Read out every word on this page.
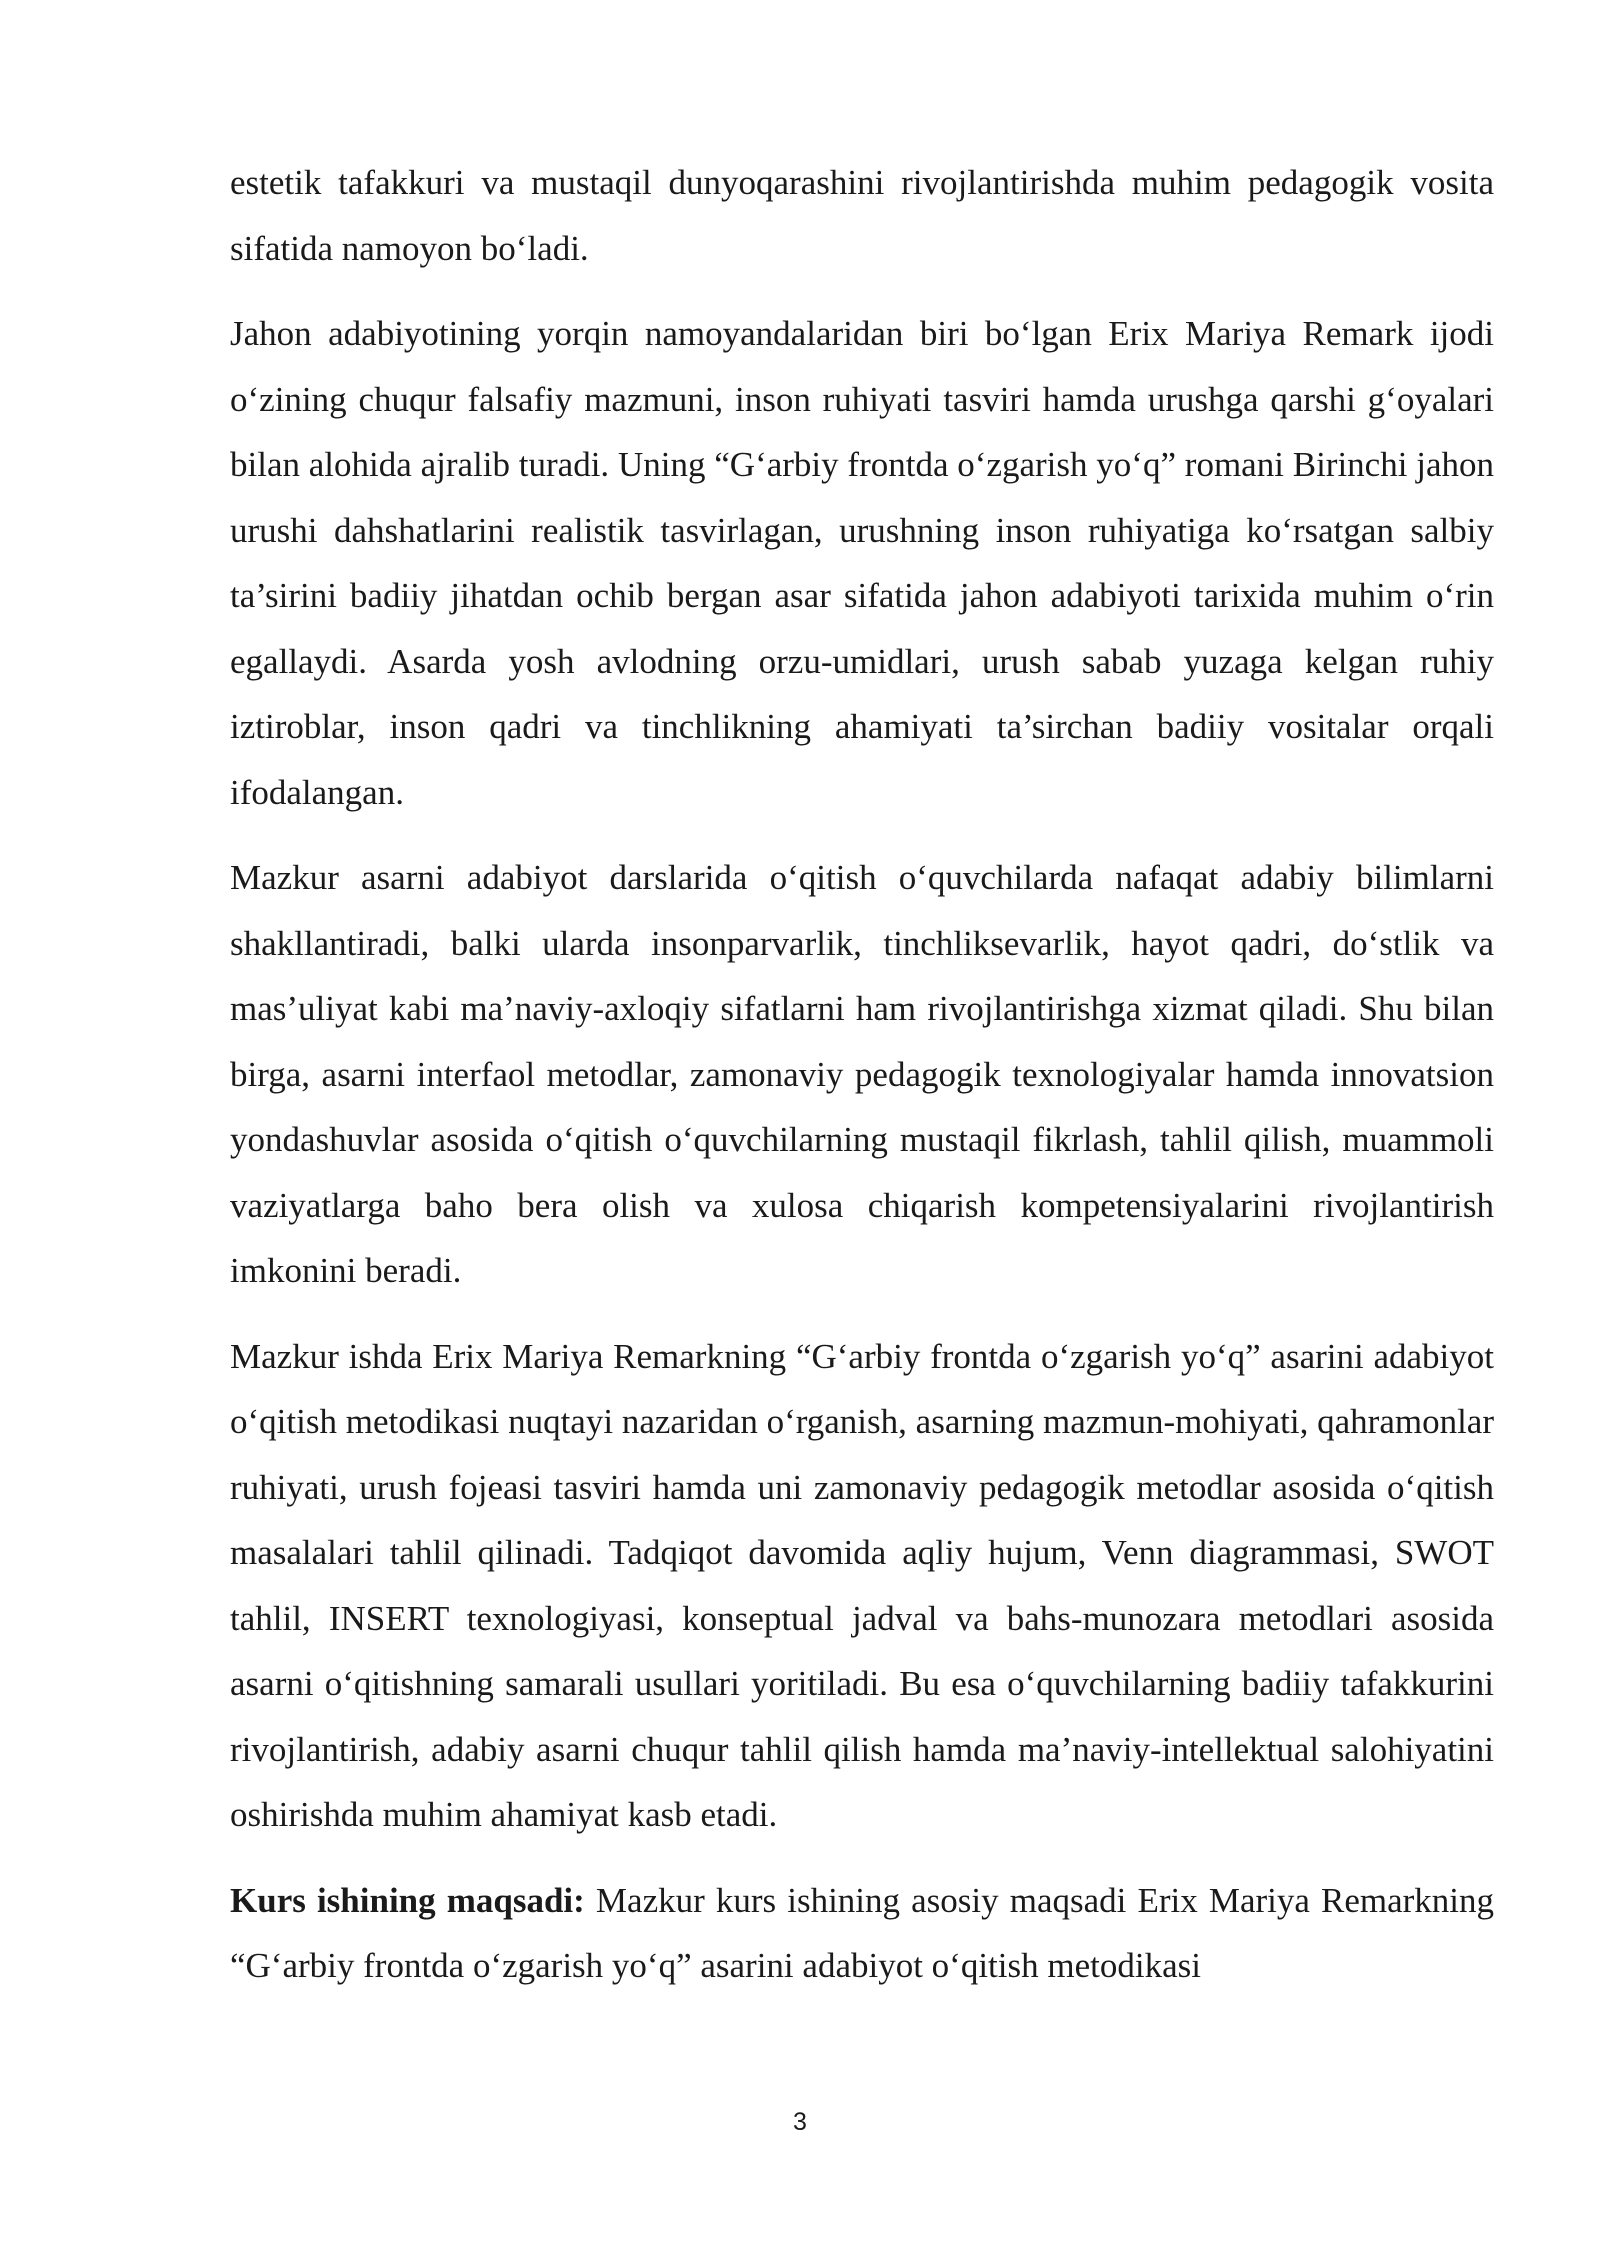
estetik tafakkuri va mustaqil dunyoqarashini rivojlantirishda muhim pedagogik vosita sifatida namoyon bo‘ladi.

Jahon adabiyotining yorqin namoyandalaridan biri bo‘lgan Erix Mariya Remark ijodi o‘zining chuqur falsafiy mazmuni, inson ruhiyati tasviri hamda urushga qarshi g‘oyalari bilan alohida ajralib turadi. Uning “G‘arbiy frontda o‘zgarish yo‘q” romani Birinchi jahon urushi dahshatlarini realistik tasvirlagan, urushning inson ruhiyatiga ko‘rsatgan salbiy ta’sirini badiiy jihatdan ochib bergan asar sifatida jahon adabiyoti tarixida muhim o‘rin egallaydi. Asarda yosh avlodning orzu-umidlari, urush sabab yuzaga kelgan ruhiy iztiroblar, inson qadri va tinchlikning ahamiyati ta’sirchan badiiy vositalar orqali ifodalangan.

Mazkur asarni adabiyot darslarida o‘qitish o‘quvchilarda nafaqat adabiy bilimlarni shakllantiradi, balki ularda insonparvarlik, tinchliksevarlik, hayot qadri, do‘stlik va mas’uliyat kabi ma’naviy-axloqiy sifatlarni ham rivojlantirishga xizmat qiladi. Shu bilan birga, asarni interfaol metodlar, zamonaviy pedagogik texnologiyalar hamda innovatsion yondashuvlar asosida o‘qitish o‘quvchilarning mustaqil fikrlash, tahlil qilish, muammoli vaziyatlarga baho bera olish va xulosa chiqarish kompetensiyalarini rivojlantirish imkonini beradi.

Mazkur ishda Erix Mariya Remarkning “G‘arbiy frontda o‘zgarish yo‘q” asarini adabiyot o‘qitish metodikasi nuqtayi nazaridan o‘rganish, asarning mazmun-mohiyati, qahramonlar ruhiyati, urush fojeasi tasviri hamda uni zamonaviy pedagogik metodlar asosida o‘qitish masalalari tahlil qilinadi. Tadqiqot davomida aqliy hujum, Venn diagrammasi, SWOT tahlil, INSERT texnologiyasi, konseptual jadval va bahs-munozara metodlari asosida asarni o‘qitishning samarali usullari yoritiladi. Bu esa o‘quvchilarning badiiy tafakkurini rivojlantirish, adabiy asarni chuqur tahlil qilish hamda ma’naviy-intellektual salohiyatini oshirishda muhim ahamiyat kasb etadi.

Kurs ishining maqsadi: Mazkur kurs ishining asosiy maqsadi Erix Mariya Remarkning “G‘arbiy frontda o‘zgarish yo‘q” asarini adabiyot o‘qitish metodikasi

3
